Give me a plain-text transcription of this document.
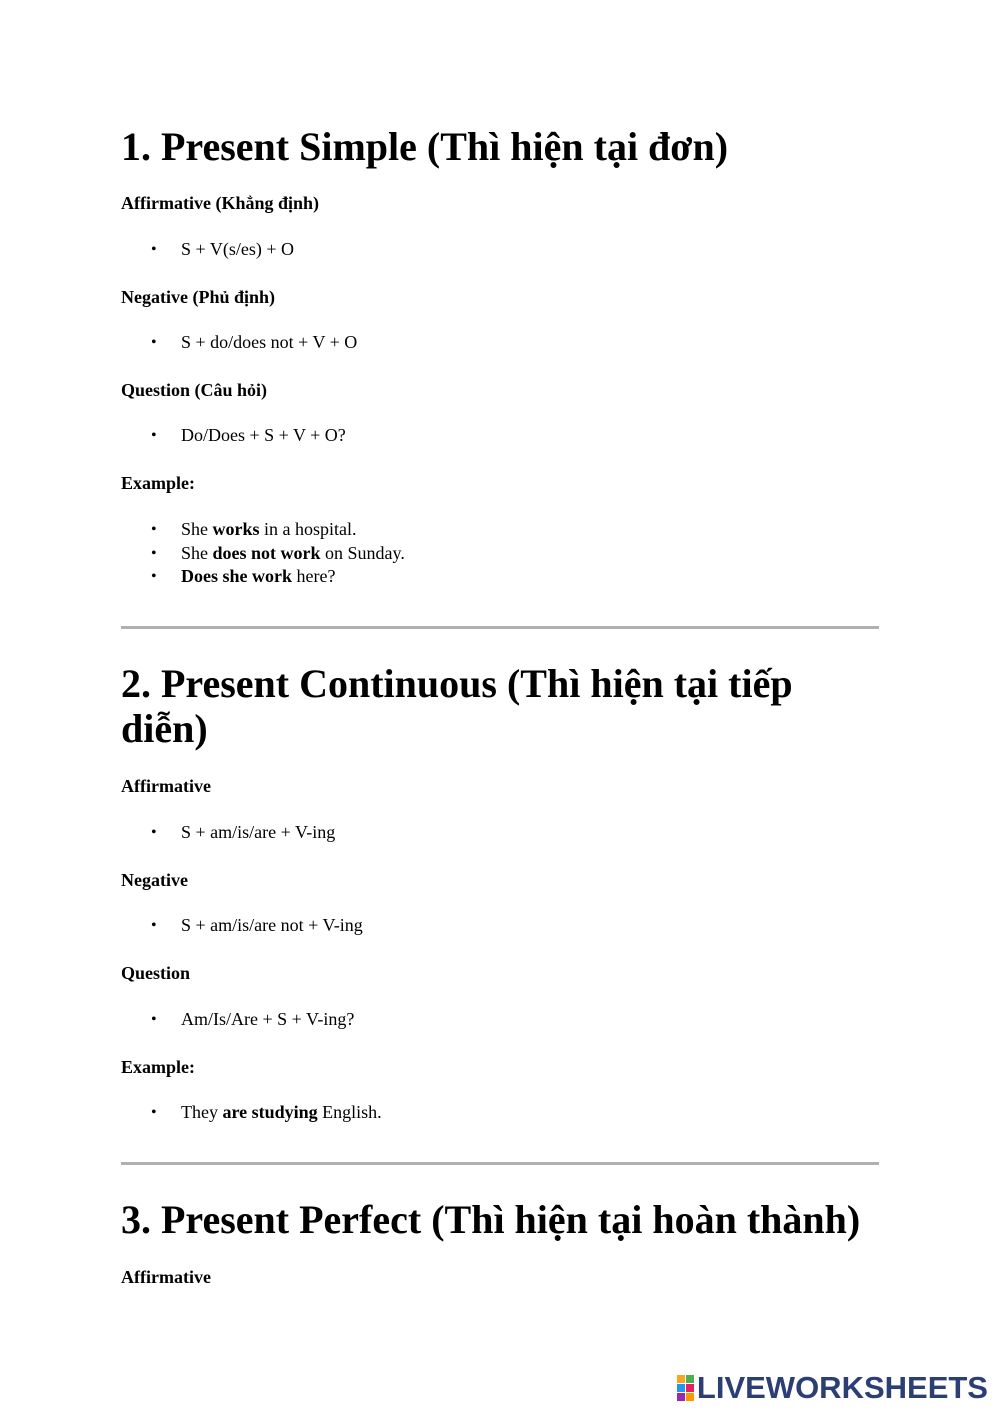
1. Present Simple (Thì hiện tại đơn)

Affirmative (Khẳng định)

• S + V(s/es) + O

Negative (Phủ định)

• S + do/does not + V + O

Question (Câu hỏi)

• Do/Does + S + V + O?

Example:

• She works in a hospital.
• She does not work on Sunday.
• Does she work here?
2. Present Continuous (Thì hiện tại tiếp
diễn)

Affirmative

• S + am/is/are + V-ing

Negative

• S + am/is/are not + V-ing

Question

• Am/Is/Are + S + V-ing?

Example:

• They are studying English.
3. Present Perfect (Thì hiện tại hoàn thành)

Affirmative

LIVEWORKSHEETS
